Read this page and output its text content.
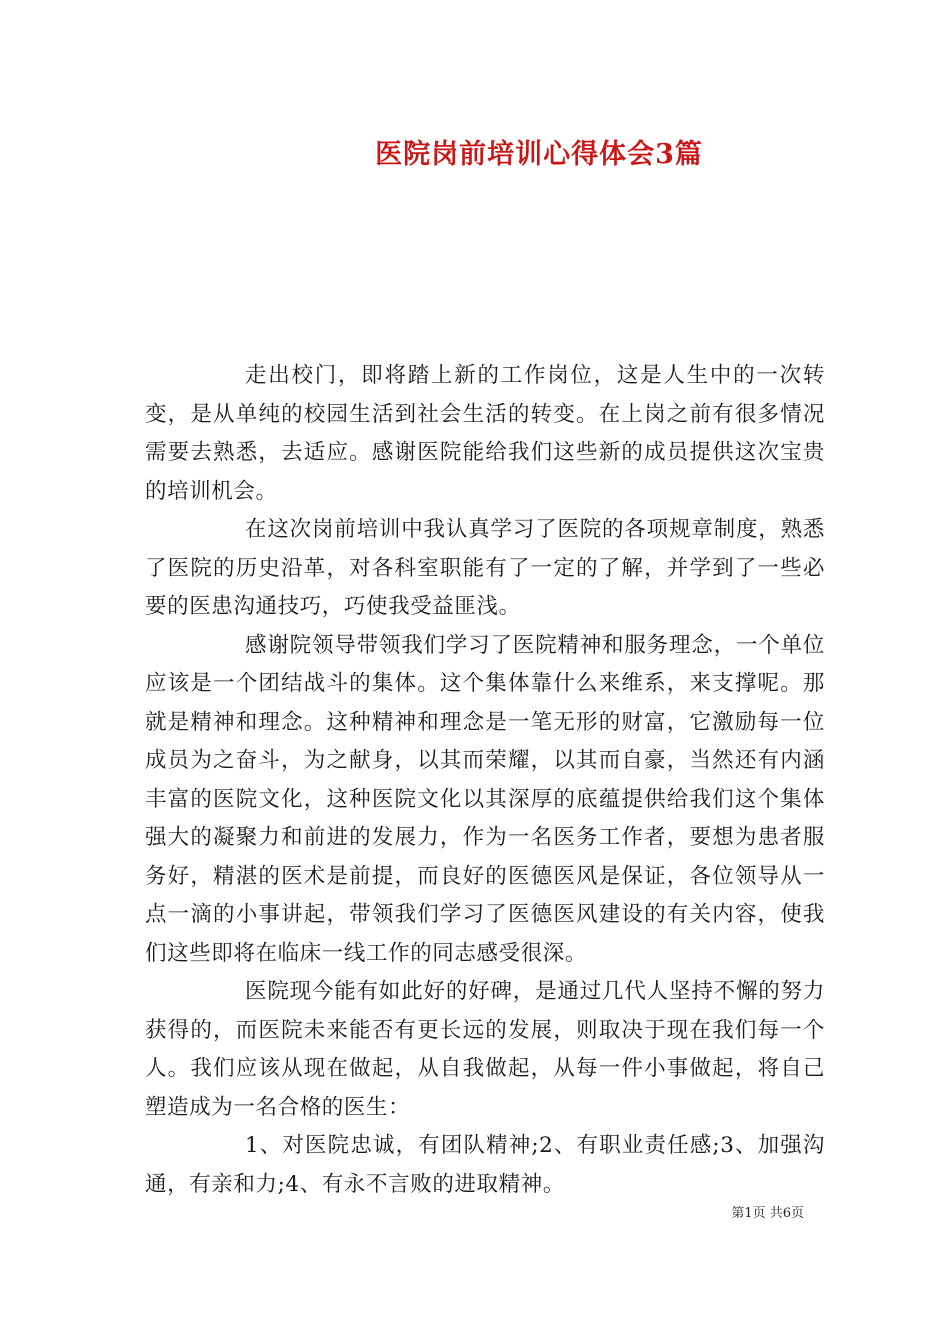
医院岗前培训心得体会3篇

走出校门，即将踏上新的工作岗位，这是人生中的一次转变，是从单纯的校园生活到社会生活的转变。在上岗之前有很多情况需要去熟悉，去适应。感谢医院能给我们这些新的成员提供这次宝贵的培训机会。

在这次岗前培训中我认真学习了医院的各项规章制度，熟悉了医院的历史沿革，对各科室职能有了一定的了解，并学到了一些必要的医患沟通技巧，巧使我受益匪浅。

感谢院领导带领我们学习了医院精神和服务理念，一个单位应该是一个团结战斗的集体。这个集体靠什么来维系，来支撑呢。那就是精神和理念。这种精神和理念是一笔无形的财富，它激励每一位成员为之奋斗，为之献身，以其而荣耀，以其而自豪，当然还有内涵丰富的医院文化，这种医院文化以其深厚的底蕴提供给我们这个集体强大的凝聚力和前进的发展力，作为一名医务工作者，要想为患者服务好，精湛的医术是前提，而良好的医德医风是保证，各位领导从一点一滴的小事讲起，带领我们学习了医德医风建设的有关内容，使我们这些即将在临床一线工作的同志感受很深。

医院现今能有如此好的好碑，是通过几代人坚持不懈的努力获得的，而医院未来能否有更长远的发展，则取决于现在我们每一个人。我们应该从现在做起，从自我做起，从每一件小事做起，将自己塑造成为一名合格的医生：

1、对医院忠诚，有团队精神;2、有职业责任感;3、加强沟通，有亲和力;4、有永不言败的进取精神。

第1页 共6页
